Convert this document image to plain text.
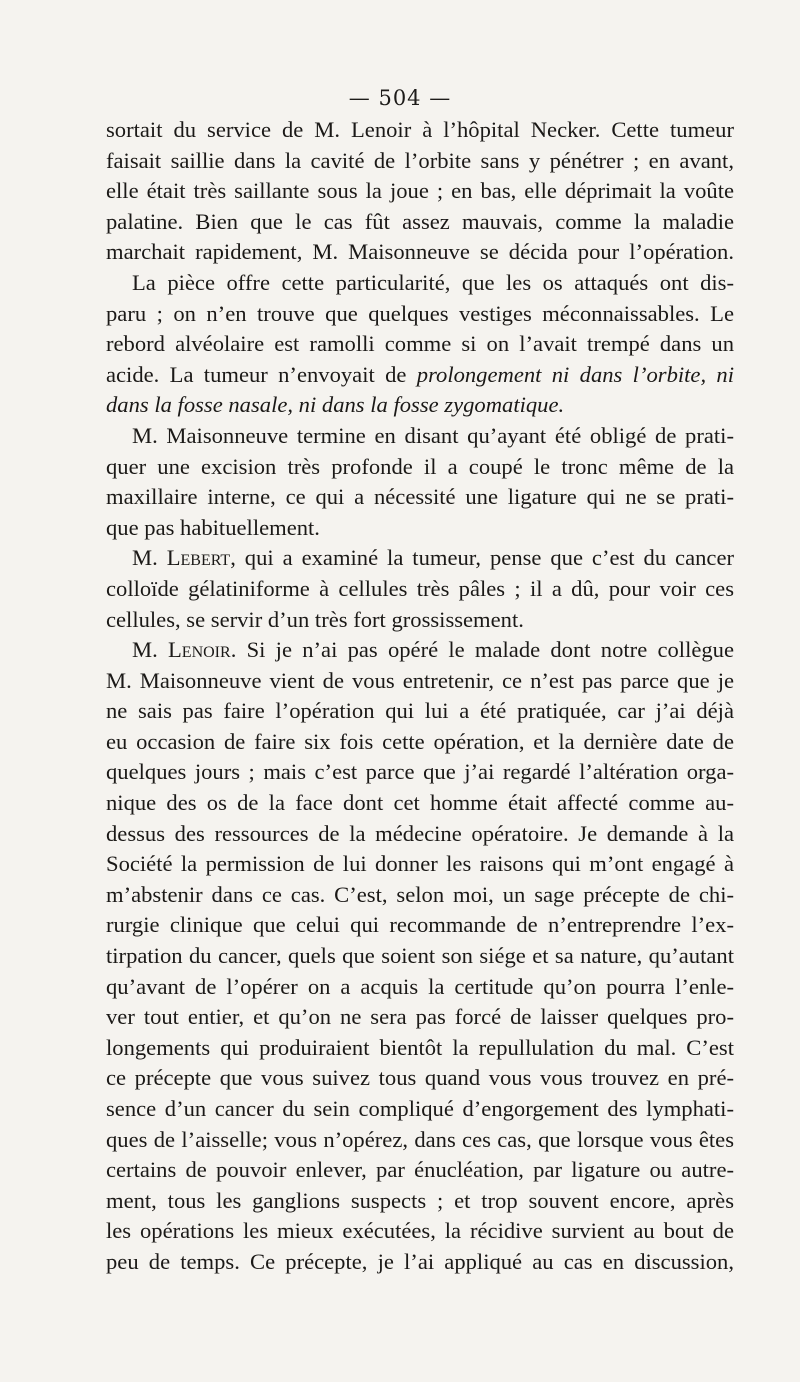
— 504 —
sortait du service de M. Lenoir à l’hôpital Necker. Cette tumeur
faisait saillie dans la cavité de l’orbite sans y pénétrer ; en avant,
elle était très saillante sous la joue ; en bas, elle déprimait la voûte
palatine. Bien que le cas fût assez mauvais, comme la maladie
marchait rapidement, M. Maisonneuve se décida pour l’opération.
La pièce offre cette particularité, que les os attaqués ont dis-
paru ; on n’en trouve que quelques vestiges méconnaissables. Le
rebord alvéolaire est ramolli comme si on l’avait trempé dans un
acide. La tumeur n’envoyait de prolongement ni dans l’orbite, ni
dans la fosse nasale, ni dans la fosse zygomatique.
M. Maisonneuve termine en disant qu’ayant été obligé de prati-
quer une excision très profonde il a coupé le tronc même de la
maxillaire interne, ce qui a nécessité une ligature qui ne se prati-
que pas habituellement.
M. Lebert, qui a examiné la tumeur, pense que c’est du cancer
colloïde gélatiniforme à cellules très pâles ; il a dû, pour voir ces
cellules, se servir d’un très fort grossissement.
M. Lenoir. Si je n’ai pas opéré le malade dont notre collègue
M. Maisonneuve vient de vous entretenir, ce n’est pas parce que je
ne sais pas faire l’opération qui lui a été pratiquée, car j’ai déjà
eu occasion de faire six fois cette opération, et la dernière date de
quelques jours ; mais c’est parce que j’ai regardé l’altération orga-
nique des os de la face dont cet homme était affecté comme au-
dessus des ressources de la médecine opératoire. Je demande à la
Société la permission de lui donner les raisons qui m’ont engagé à
m’abstenir dans ce cas. C’est, selon moi, un sage précepte de chi-
rurgie clinique que celui qui recommande de n’entreprendre l’ex-
tirpation du cancer, quels que soient son siége et sa nature, qu’autant
qu’avant de l’opérer on a acquis la certitude qu’on pourra l’enle-
ver tout entier, et qu’on ne sera pas forcé de laisser quelques pro-
longements qui produiraient bientôt la repullulation du mal. C’est
ce précepte que vous suivez tous quand vous vous trouvez en pré-
sence d’un cancer du sein compliqué d’engorgement des lymphati-
ques de l’aisselle; vous n’opérez, dans ces cas, que lorsque vous êtes
certains de pouvoir enlever, par énucléation, par ligature ou autre-
ment, tous les ganglions suspects ; et trop souvent encore, après
les opérations les mieux exécutées, la récidive survient au bout de
peu de temps. Ce précepte, je l’ai appliqué au cas en discussion,
